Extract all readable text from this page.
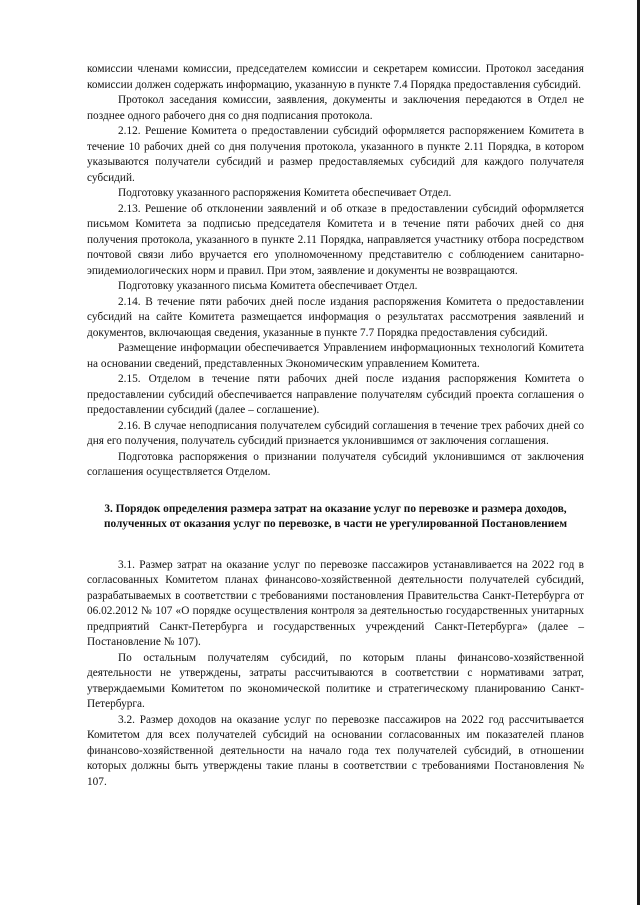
комиссии членами комиссии, председателем комиссии и секретарем комиссии. Протокол заседания комиссии должен содержать информацию, указанную в пункте 7.4 Порядка предоставления субсидий.

Протокол заседания комиссии, заявления, документы и заключения передаются в Отдел не позднее одного рабочего дня со дня подписания протокола.

2.12. Решение Комитета о предоставлении субсидий оформляется распоряжением Комитета в течение 10 рабочих дней со дня получения протокола, указанного в пункте 2.11 Порядка, в котором указываются получатели субсидий и размер предоставляемых субсидий для каждого получателя субсидий.

Подготовку указанного распоряжения Комитета обеспечивает Отдел.

2.13. Решение об отклонении заявлений и об отказе в предоставлении субсидий оформляется письмом Комитета за подписью председателя Комитета и в течение пяти рабочих дней со дня получения протокола, указанного в пункте 2.11 Порядка, направляется участнику отбора посредством почтовой связи либо вручается его уполномоченному представителю с соблюдением санитарно-эпидемиологических норм и правил. При этом, заявление и документы не возвращаются.

Подготовку указанного письма Комитета обеспечивает Отдел.

2.14. В течение пяти рабочих дней после издания распоряжения Комитета о предоставлении субсидий на сайте Комитета размещается информация о результатах рассмотрения заявлений и документов, включающая сведения, указанные в пункте 7.7 Порядка предоставления субсидий.

Размещение информации обеспечивается Управлением информационных технологий Комитета на основании сведений, представленных Экономическим управлением Комитета.

2.15. Отделом в течение пяти рабочих дней после издания распоряжения Комитета о предоставлении субсидий обеспечивается направление получателям субсидий проекта соглашения о предоставлении субсидий (далее – соглашение).

2.16. В случае неподписания получателем субсидий соглашения в течение трех рабочих дней со дня его получения, получатель субсидий признается уклонившимся от заключения соглашения.

Подготовка распоряжения о признании получателя субсидий уклонившимся от заключения соглашения осуществляется Отделом.

3. Порядок определения размера затрат на оказание услуг по перевозке и размера доходов, полученных от оказания услуг по перевозке, в части не урегулированной Постановлением

3.1. Размер затрат на оказание услуг по перевозке пассажиров устанавливается на 2022 год в согласованных Комитетом планах финансово-хозяйственной деятельности получателей субсидий, разрабатываемых в соответствии с требованиями постановления Правительства Санкт-Петербурга от 06.02.2012 № 107 «О порядке осуществления контроля за деятельностью государственных унитарных предприятий Санкт-Петербурга и государственных учреждений Санкт-Петербурга» (далее – Постановление № 107).

По остальным получателям субсидий, по которым планы финансово-хозяйственной деятельности не утверждены, затраты рассчитываются в соответствии с нормативами затрат, утверждаемыми Комитетом по экономической политике и стратегическому планированию Санкт-Петербурга.

3.2. Размер доходов на оказание услуг по перевозке пассажиров на 2022 год рассчитывается Комитетом для всех получателей субсидий на основании согласованных им показателей планов финансово-хозяйственной деятельности на начало года тех получателей субсидий, в отношении которых должны быть утверждены такие планы в соответствии с требованиями Постановления № 107.
